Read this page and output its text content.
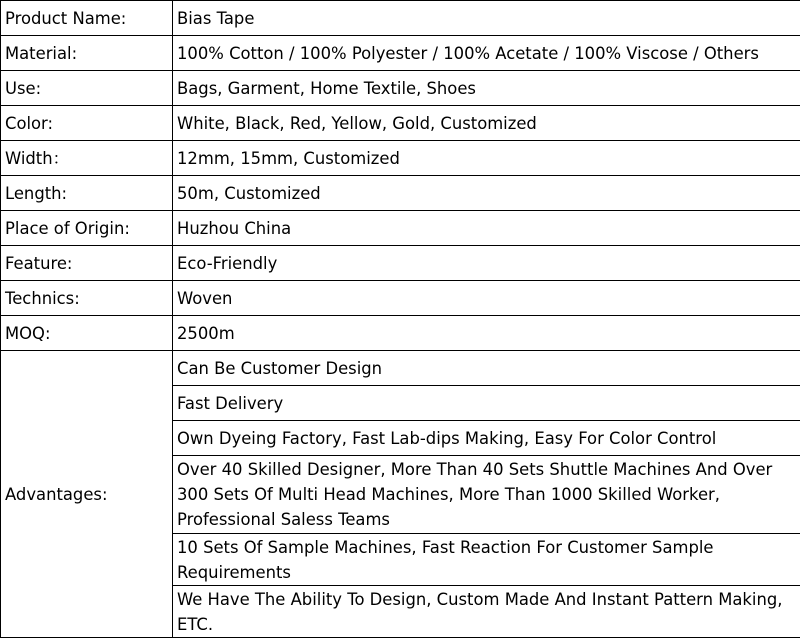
Product Name:	Bias Tape
Material:	100% Cotton / 100% Polyester / 100% Acetate / 100% Viscose / Others
Use:	Bags, Garment, Home Textile, Shoes
Color:	White, Black, Red, Yellow, Gold, Customized
Width：	12mm, 15mm, Customized
Length:	50m, Customized
Place of Origin:	Huzhou China
Feature:	Eco-Friendly
Technics:	Woven
MOQ:	2500m
Advantages:	Can Be Customer Design
	Fast Delivery
	Own Dyeing Factory, Fast Lab-dips Making, Easy For Color Control
	Over 40 Skilled Designer, More Than 40 Sets Shuttle Machines And Over 300 Sets Of Multi Head Machines, More Than 1000 Skilled Worker, Professional Saless Teams
	10 Sets Of Sample Machines, Fast Reaction For Customer Sample Requirements
	We Have The Ability To Design, Custom Made And Instant Pattern Making, ETC.
